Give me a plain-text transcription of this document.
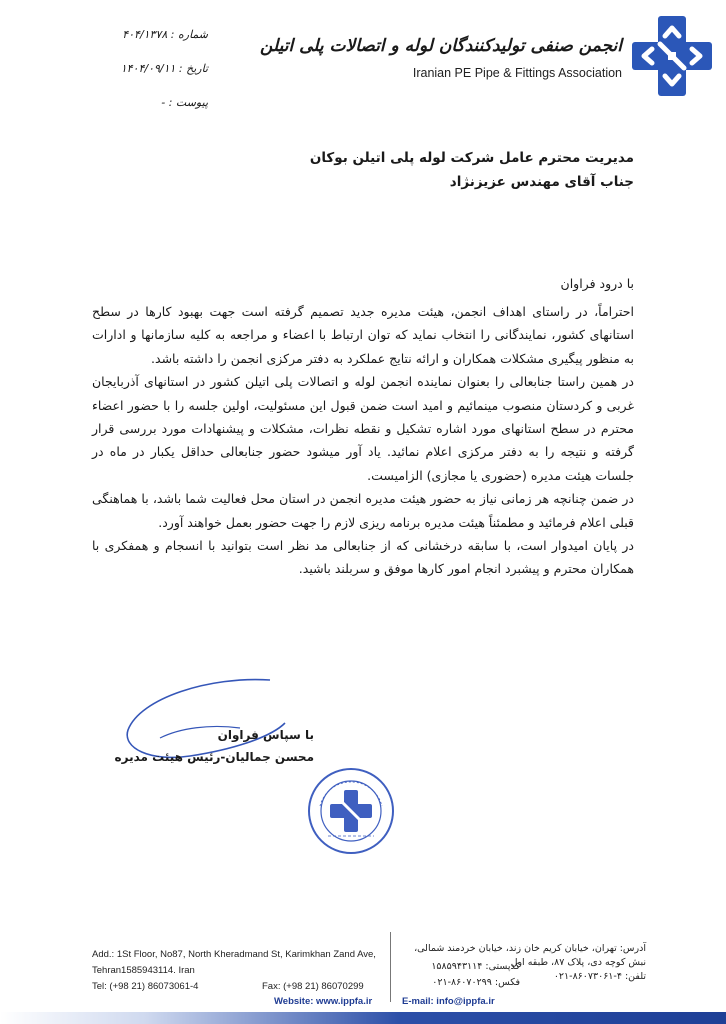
انجمن صنفی تولیدکنندگان لوله و اتصالات پلی اتیلن
Iranian PE Pipe & Fittings Association
شماره : ۴۰۴/۱۳۷۸
تاریخ : ۱۴۰۴/۰۹/۱۱
پیوست : -
مدیریت محترم عامل شرکت لوله پلی اتیلن بوکان
جناب آقای مهندس عزیزنژاد
با درود فراوان

احتراماً، در راستای اهداف انجمن، هیئت مدیره جدید تصمیم گرفته است جهت بهبود کارها در سطح استانهای کشور، نمایندگانی را انتخاب نماید که توان ارتباط با اعضاء و مراجعه به کلیه سازمانها و ادارات به منظور پیگیری مشکلات همکاران و ارائه نتایج عملکرد به دفتر مرکزی انجمن را داشته باشد.

در همین راستا جنابعالی را بعنوان نماینده انجمن لوله و اتصالات پلی اتیلن کشور در استانهای آذربایجان غربی و کردستان منصوب مینمائیم و امید است ضمن قبول این مسئولیت، اولین جلسه را با حضور اعضاء محترم در سطح استانهای مورد اشاره تشکیل و نقطه نظرات، مشکلات و پیشنهادات مورد بررسی قرار گرفته و نتیجه را به دفتر مرکزی اعلام نمائید. یاد آور میشود حضور جنابعالی حداقل یکبار در ماه در جلسات هیئت مدیره (حضوری یا مجازی) الزامیست.

در ضمن چنانچه هر زمانی نیاز به حضور هیئت مدیره انجمن در استان محل فعالیت شما باشد، با هماهنگی قبلی اعلام فرمائید و مطمئناً هیئت مدیره برنامه ریزی لازم را جهت حضور بعمل خواهند آورد.

در پایان امیدوار است، با سابقه درخشانی که از جنابعالی مد نظر است بتوانید با انسجام و همفکری با همکاران محترم و پیشبرد انجام امور کارها موفق و سربلند باشید.

با سپاس فراوان
محسن جمالیان-رئیس هیئت مدیره
Add.: 1St Floor, No87, North Kheradmand St, Karimkhan Zand Ave,
Tehran1585943114. Iran
Tel: (+98 21) 86073061-4	Fax: (+98 21) 86070299
Website: www.ippfa.ir
آدرس: تهران، خیابان کریم خان زند، خیابان خردمند شمالی،
نبش کوچه دی، پلاک ۸۷، طبقه اول
تلفن: ۴-۸۶۰۷۳۰۶۱-۰۲۱
کدپستی: ۱۵۸۵۹۴۳۱۱۴
فکس: ۸۶۰۷۰۲۹۹-۰۲۱
E-mail: info@ippfa.ir
